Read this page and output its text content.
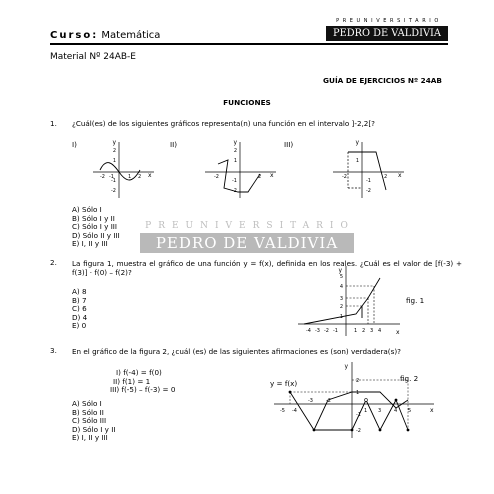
Curso: Matemática
PREUNIVERSITARIO
PEDRO DE VALDIVIA
Material Nº 24AB-E
GUÍA DE EJERCICIOS Nº 24AB
FUNCIONES
1. ¿Cuál(es) de los siguientes gráficos representa(n) una función en el intervalo ]-2,2[?
I)	II)	III)
y
x
2
1
-1
-2
-2 -1	1 2
y
x
2
1
-1
-2
-2	2
y
x
1
-1
-2
-2	2
A) Sólo I
B) Sólo I y II
C) Sólo I y III
D) Sólo II y III
E) I, II y III
PREUNIVERSITARIO
PEDRO DE VALDIVIA
2. La figura 1, muestra el gráfico de una función y = f(x), definida en los reales. ¿Cuál es el valor de [f(-3) + f(3)] · f(0) – f(2)?
A) 8
B) 7
C) 6
D) 4
E) 0
y
x
5
4
3
2
1
-4 -3 -2 -1	1 2 3 4
fig. 1
3. En el gráfico de la figura 2, ¿cuál (es) de las siguientes afirmaciones es (son) verdadera(s)?
I) f(-4) = f(0)
II) f(1) = 1
III) f(-5) – f(-3) = 0
A) Sólo I
B) Sólo II
C) Sólo III
D) Sólo I y II
E) I, II y III
y = f(x)
fig. 2
y
x
2
1
-1
-2
-5 -4
-3	-2
1 3	4 5
